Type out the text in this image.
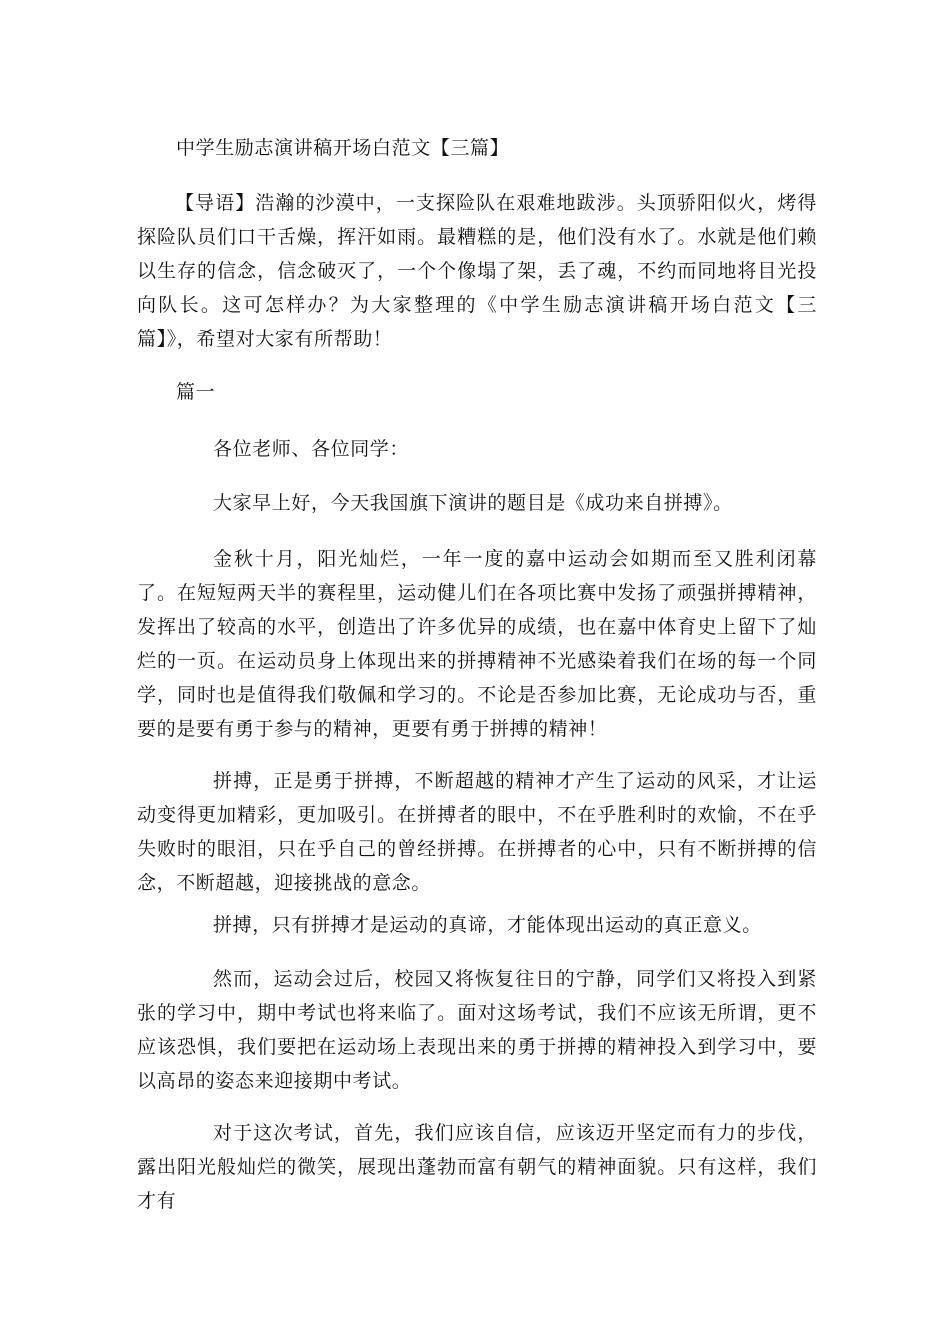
中学生励志演讲稿开场白范文【三篇】

【导语】浩瀚的沙漠中，一支探险队在艰难地跋涉。头顶骄阳似火，烤得探险队员们口干舌燥，挥汗如雨。最糟糕的是，他们没有水了。水就是他们赖以生存的信念，信念破灭了，一个个像塌了架，丢了魂，不约而同地将目光投向队长。这可怎样办？为大家整理的《中学生励志演讲稿开场白范文【三篇】》，希望对大家有所帮助！

篇一

各位老师、各位同学：

大家早上好，今天我国旗下演讲的题目是《成功来自拼搏》。

金秋十月，阳光灿烂，一年一度的嘉中运动会如期而至又胜利闭幕了。在短短两天半的赛程里，运动健儿们在各项比赛中发扬了顽强拼搏精神，发挥出了较高的水平，创造出了许多优异的成绩，也在嘉中体育史上留下了灿烂的一页。在运动员身上体现出来的拼搏精神不光感染着我们在场的每一个同学，同时也是值得我们敬佩和学习的。不论是否参加比赛，无论成功与否，重要的是要有勇于参与的精神，更要有勇于拼搏的精神！

拼搏，正是勇于拼搏，不断超越的精神才产生了运动的风采，才让运动变得更加精彩，更加吸引。在拼搏者的眼中，不在乎胜利时的欢愉，不在乎失败时的眼泪，只在乎自己的曾经拼搏。在拼搏者的心中，只有不断拼搏的信念，不断超越，迎接挑战的意念。

拼搏，只有拼搏才是运动的真谛，才能体现出运动的真正意义。

然而，运动会过后，校园又将恢复往日的宁静，同学们又将投入到紧张的学习中，期中考试也将来临了。面对这场考试，我们不应该无所谓，更不应该恐惧，我们要把在运动场上表现出来的勇于拼搏的精神投入到学习中，要以高昂的姿态来迎接期中考试。

对于这次考试，首先，我们应该自信，应该迈开坚定而有力的步伐，露出阳光般灿烂的微笑，展现出蓬勃而富有朝气的精神面貌。只有这样，我们才有
